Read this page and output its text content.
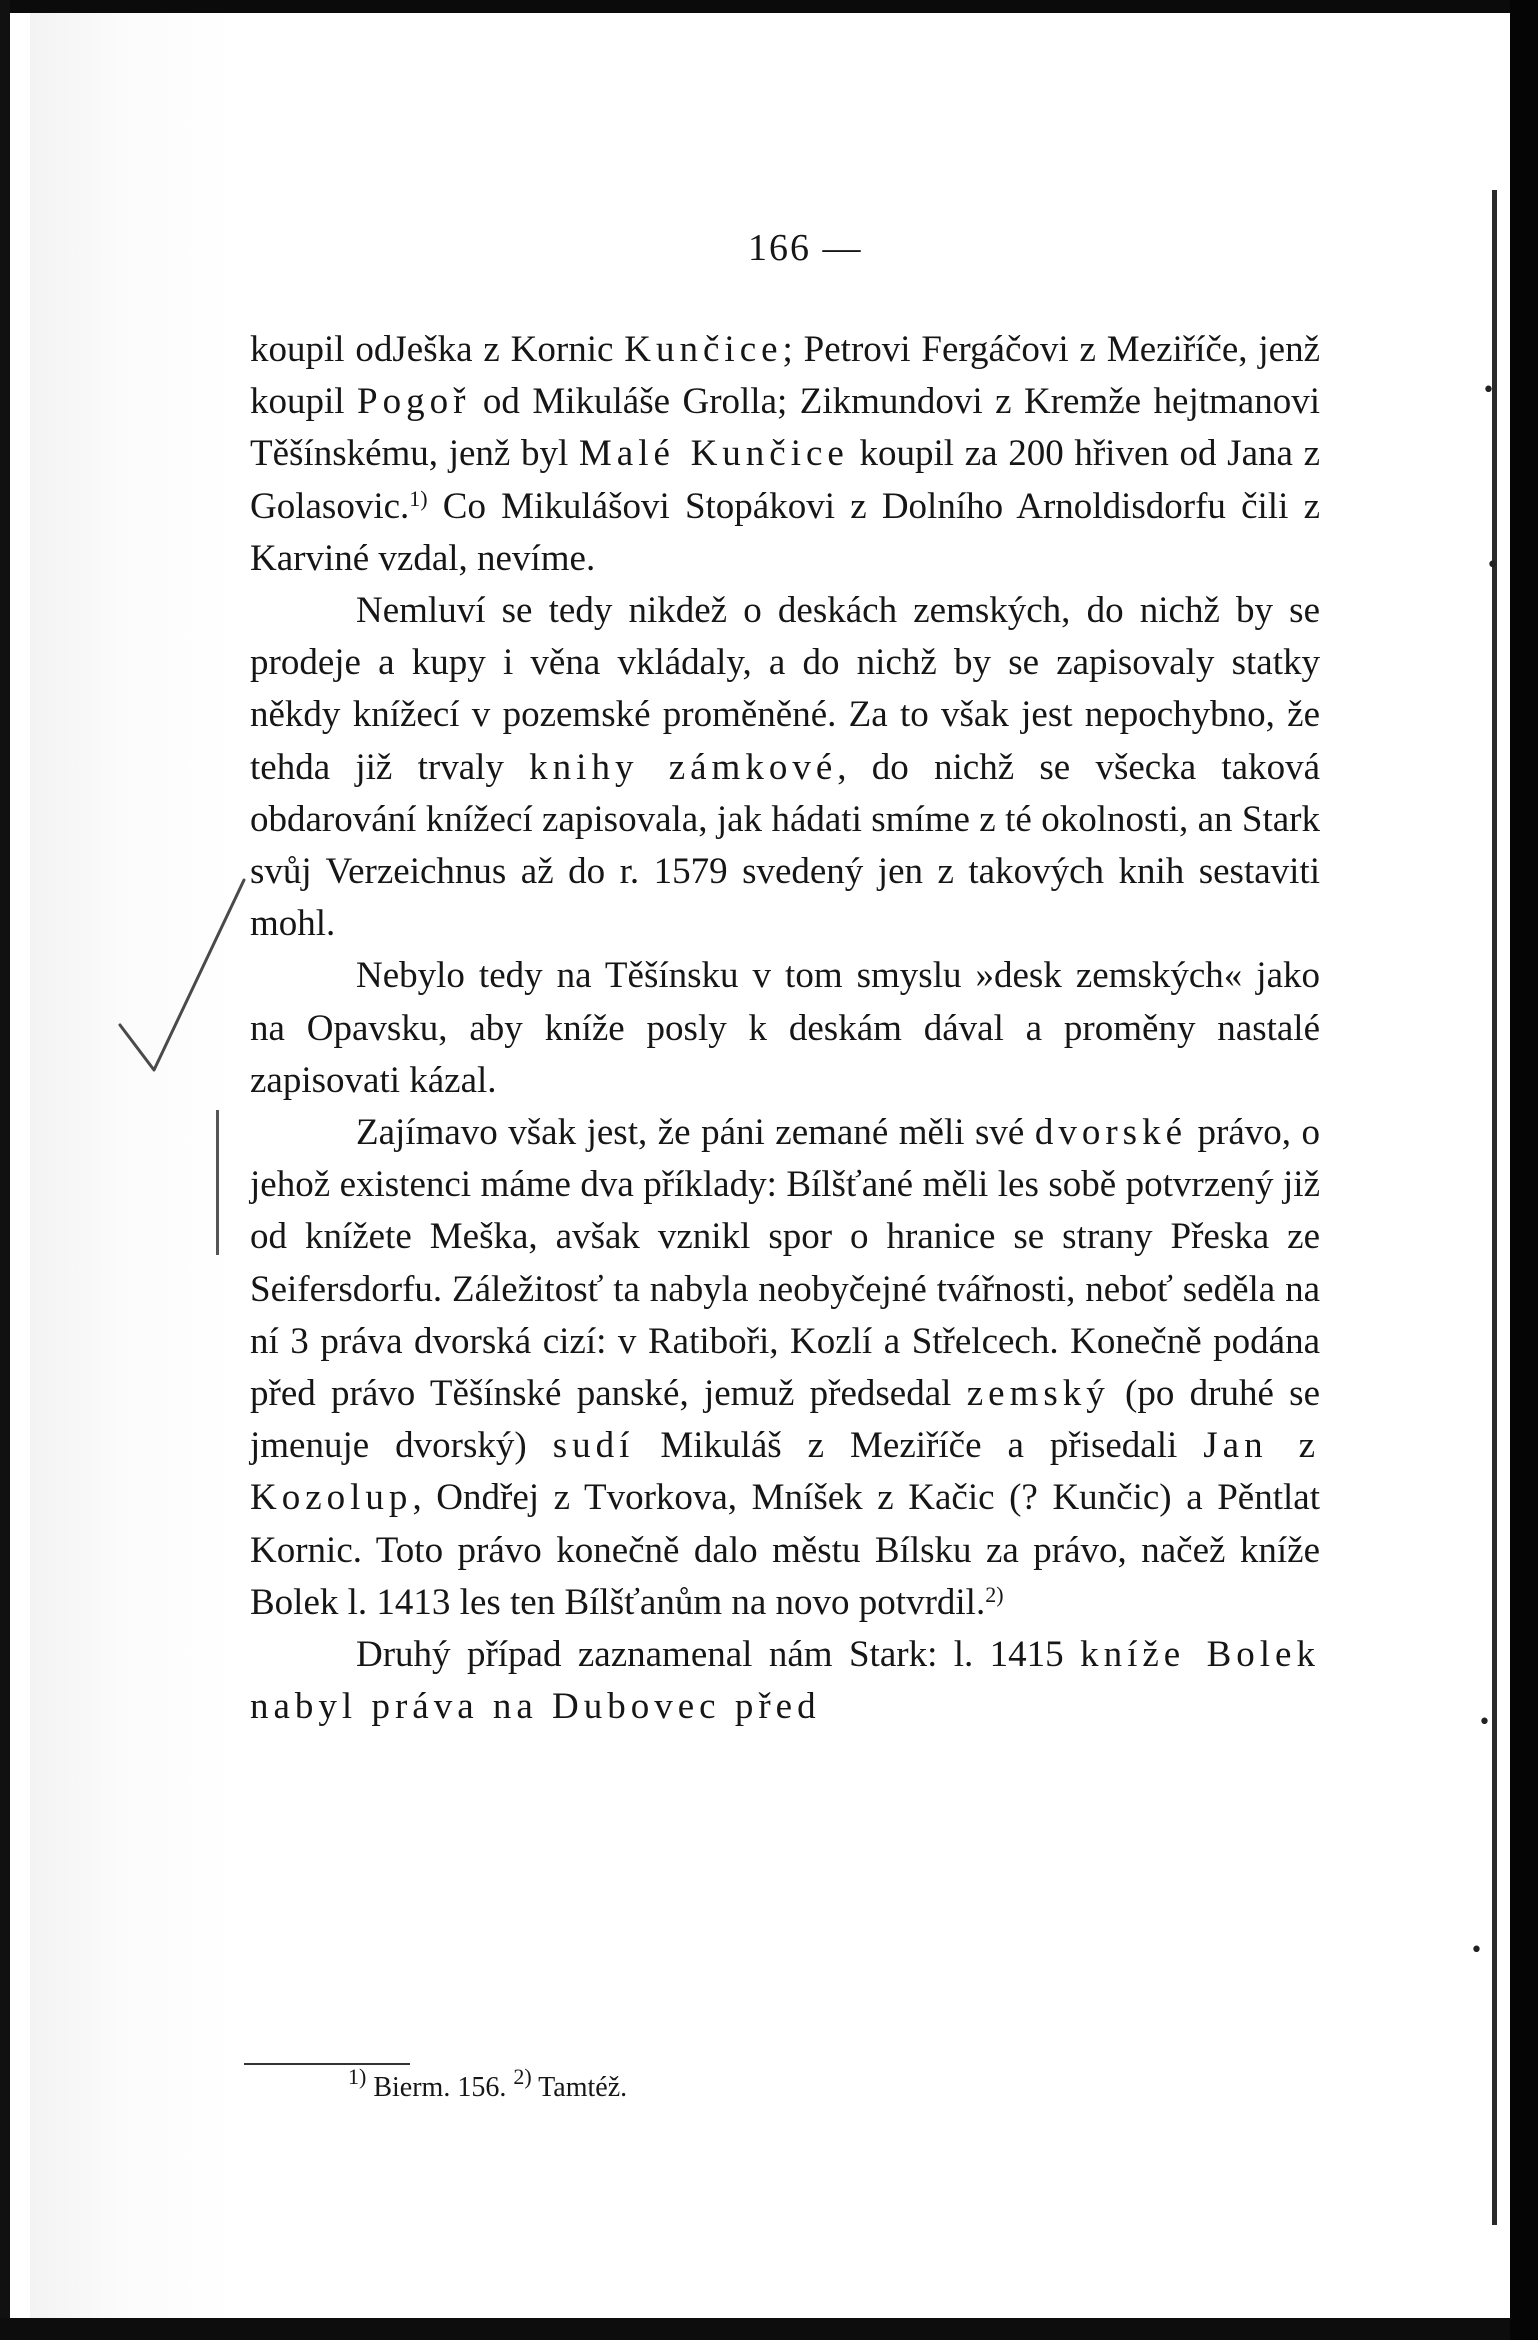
•
•
•
•
166 —

koupil odJeška z Kornic Kunčice; Petrovi Fergáčovi z Meziříče, jenž koupil Pogoř od Mikuláše Grolla; Zikmundovi z Kremže hejtmanovi Těšínskému, jenž byl Malé Kunčice koupil za 200 hřiven od Jana z Golasovic.$^{1)}$ Co Mikulášovi Stopákovi z Dolního Arnoldisdorfu čili z Karviné vzdal, nevíme.

Nemluví se tedy nikdež o deskách zemských, do nichž by se prodeje a kupy i věna vkládaly, a do nichž by se zapisovaly statky někdy knížecí v pozemské proměněné. Za to však jest nepochybno, že tehda již trvaly knihy zámkové, do nichž se všecka taková obdarování knížecí zapisovala, jak hádati smíme z té okolnosti, an Stark svůj Verzeichnus až do r. 1579 svedený jen z takových knih sestaviti mohl.

Nebylo tedy na Těšínsku v tom smyslu »desk zemských« jako na Opavsku, aby kníže posly k deskám dával a proměny nastalé zapisovati kázal.

Zajímavo však jest, že páni zemané měli své dvorské právo, o jehož existenci máme dva příklady: Bílšťané měli les sobě potvrzený již od knížete Meška, avšak vznikl spor o hranice se strany Přeska ze Seifersdorfu. Záležitosť ta nabyla neobyčejné tvářnosti, neboť seděla na ní 3 práva dvorská cizí: v Ratiboři, Kozlí a Střelcech. Konečně podána před právo Těšínské panské, jemuž předsedal zemský (po druhé se jmenuje dvorský) sudí Mikuláš z Meziříče a přisedali Jan z Kozolup, Ondřej z Tvorkova, Mníšek z Kačic (? Kunčic) a Pěntlat Kornic. Toto právo konečně dalo městu Bílsku za právo, načež kníže Bolek l. 1413 les ten Bílšťanům na novo potvrdil.$^{2)}$

Druhý případ zaznamenal nám Stark: l. 1415 kníže Bolek nabyl práva na Dubovec před

$^{1)}$ Bierm. 156. $^{2)}$ Tamtéž.
